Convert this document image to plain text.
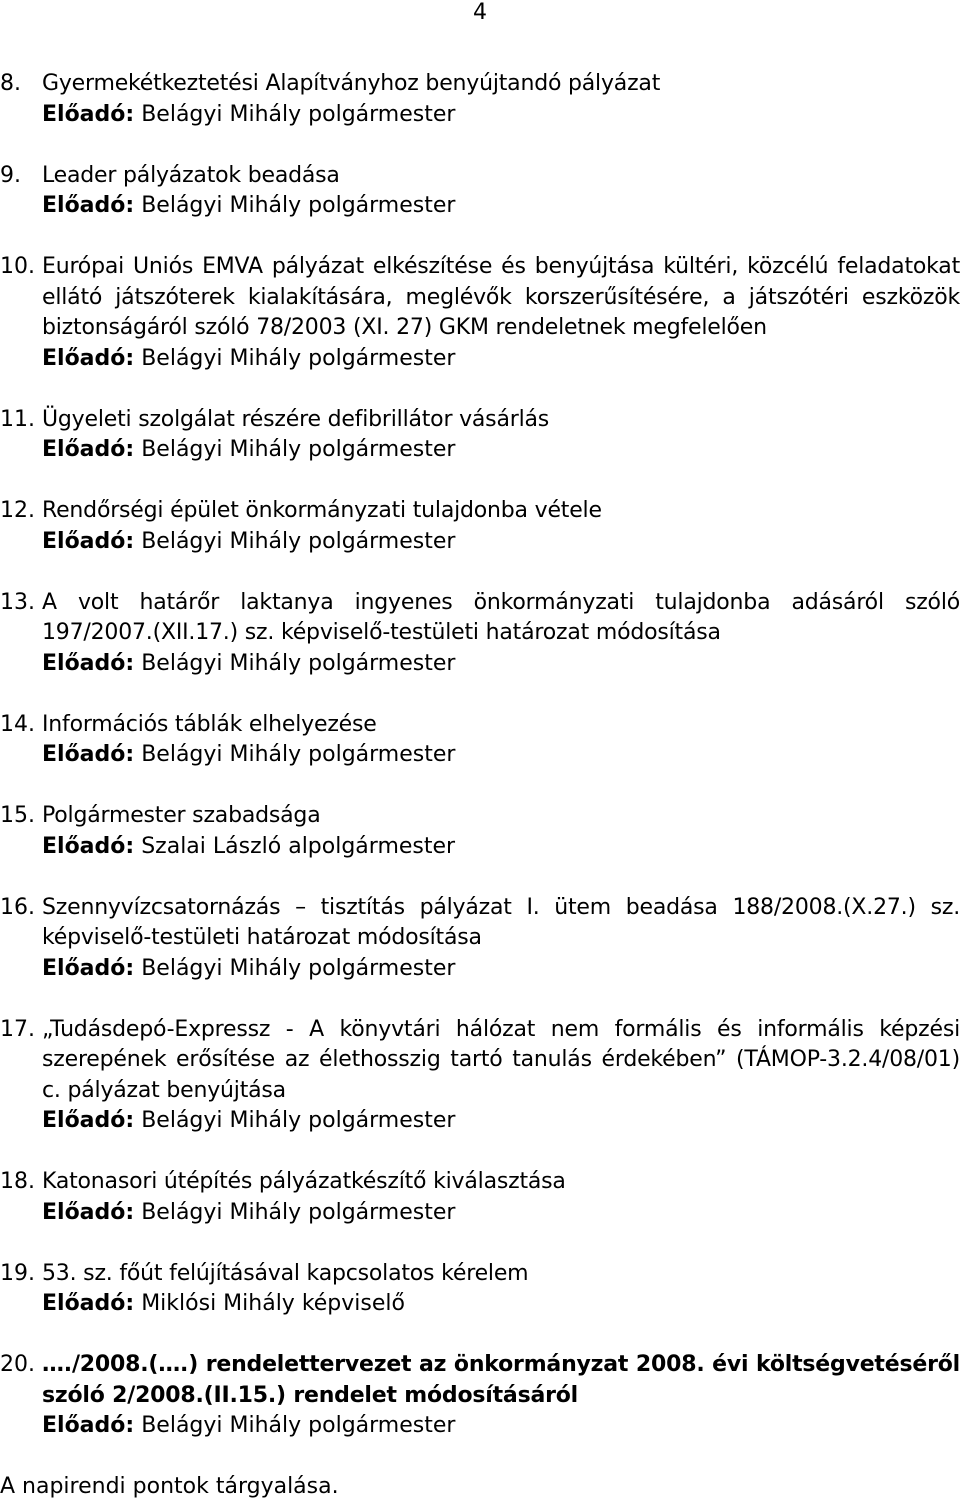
4
8. Gyermekétkeztetési Alapítványhoz benyújtandó pályázat
Előadó: Belágyi Mihály polgármester
9. Leader pályázatok beadása
Előadó: Belágyi Mihály polgármester
10. Európai Uniós EMVA pályázat elkészítése és benyújtása kültéri, közcélú feladatokat ellátó játszóterek kialakítására, meglévők korszerűsítésére, a játszótéri eszközök biztonságáról szóló 78/2003 (XI. 27) GKM rendeletnek megfelelően
Előadó: Belágyi Mihály polgármester
11. Ügyeleti szolgálat részére defibrillátor vásárlás
Előadó: Belágyi Mihály polgármester
12. Rendőrségi épület önkormányzati tulajdonba vétele
Előadó: Belágyi Mihály polgármester
13. A volt határőr laktanya ingyenes önkormányzati tulajdonba adásáról szóló 197/2007.(XII.17.) sz. képviselő-testületi határozat módosítása
Előadó: Belágyi Mihály polgármester
14. Információs táblák elhelyezése
Előadó: Belágyi Mihály polgármester
15. Polgármester szabadsága
Előadó: Szalai László alpolgármester
16. Szennyvízcsatornázás – tisztítás pályázat I. ütem beadása 188/2008.(X.27.) sz. képviselő-testületi határozat módosítása
Előadó: Belágyi Mihály polgármester
17. „Tudásdepó-Expressz - A könyvtári hálózat nem formális és informális képzési szerepének erősítése az élethosszig tartó tanulás érdekében” (TÁMOP-3.2.4/08/01) c. pályázat benyújtása
Előadó: Belágyi Mihály polgármester
18. Katonasori útépítés pályázatkészítő kiválasztása
Előadó: Belágyi Mihály polgármester
19. 53. sz. főút felújításával kapcsolatos kérelem
Előadó: Miklósi Mihály képviselő
20. …./2008.(….) rendelettervezet az önkormányzat 2008. évi költségvetéséről szóló 2/2008.(II.15.) rendelet módosításáról
Előadó: Belágyi Mihály polgármester
A napirendi pontok tárgyalása.
